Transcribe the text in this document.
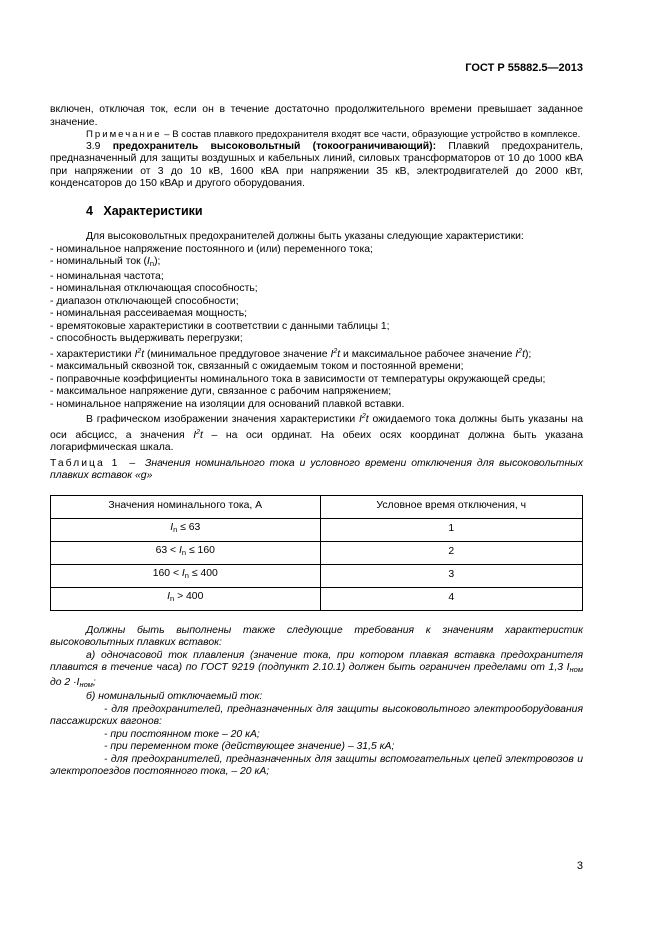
ГОСТ Р 55882.5—2013

включен, отключая ток, если он в течение достаточно продолжительного времени превышает заданное значение.

Примечание – В состав плавкого предохранителя входят все части, образующие устройство в комплексе.

3.9 предохранитель высоковольтный (токоограничивающий): Плавкий предохранитель, предназначенный для защиты воздушных и кабельных линий, силовых трансформаторов от 10 до 1000 кВА при напряжении от 3 до 10 кВ, 1600 кВА при напряжении 35 кВ, электродвигателей до 2000 кВт, конденсаторов до 150 кВАр и другого оборудования.

4 Характеристики

Для высоковольтных предохранителей должны быть указаны следующие характеристики:

- номинальное напряжение постоянного и (или) переменного тока;

- номинальный ток $(I_n)$;

- номинальная частота;

- номинальная отключающая способность;

- диапазон отключающей способности;

- номинальная рассеиваемая мощность;

- времятоковые характеристики в соответствии с данными таблицы 1;

- способность выдерживать перегрузки;

- характеристики $I^2t$ (минимальное преддуговое значение $I^2t$ и максимальное рабочее значение $I^2t$);

- максимальный сквозной ток, связанный с ожидаемым током и постоянной времени;

- поправочные коэффициенты номинального тока в зависимости от температуры окружающей среды;

- максимальное напряжение дуги, связанное с рабочим напряжением;

- номинальное напряжение на изоляции для оснований плавкой вставки.

В графическом изображении значения характеристики $I^2t$ ожидаемого тока должны быть указаны на оси абсцисс, а значения $I^2t$ – на оси ординат. На обеих осях координат должна быть указана логарифмическая шкала.

Таблица 1 – Значения номинального тока и условного времени отключения для высоковольтных плавких вставок «g»

Значения номинального тока, А	Условное время отключения, ч
$I_n \le 63$	1
$63 < I_n \le 160$	2
$160 < I_n \le 400$	3
$I_n > 400$	4

Должны быть выполнены также следующие требования к значениям характеристик высоковольтных плавких вставок:

а) одночасовой ток плавления (значение тока, при котором плавкая вставка предохранителя плавится в течение часа) по ГОСТ 9219 (подпункт 2.10.1) должен быть ограничен пределами от 1,3 $I_{ном}$ до $2 \cdot I_{ном}$;

б) номинальный отключаемый ток:

- для предохранителей, предназначенных для защиты высоковольтного электрооборудования пассажирских вагонов:

- при постоянном токе – 20 кА;

- при переменном токе (действующее значение) – 31,5 кА;

- для предохранителей, предназначенных для защиты вспомогательных цепей электровозов и электропоездов постоянного тока, – 20 кА;

3
